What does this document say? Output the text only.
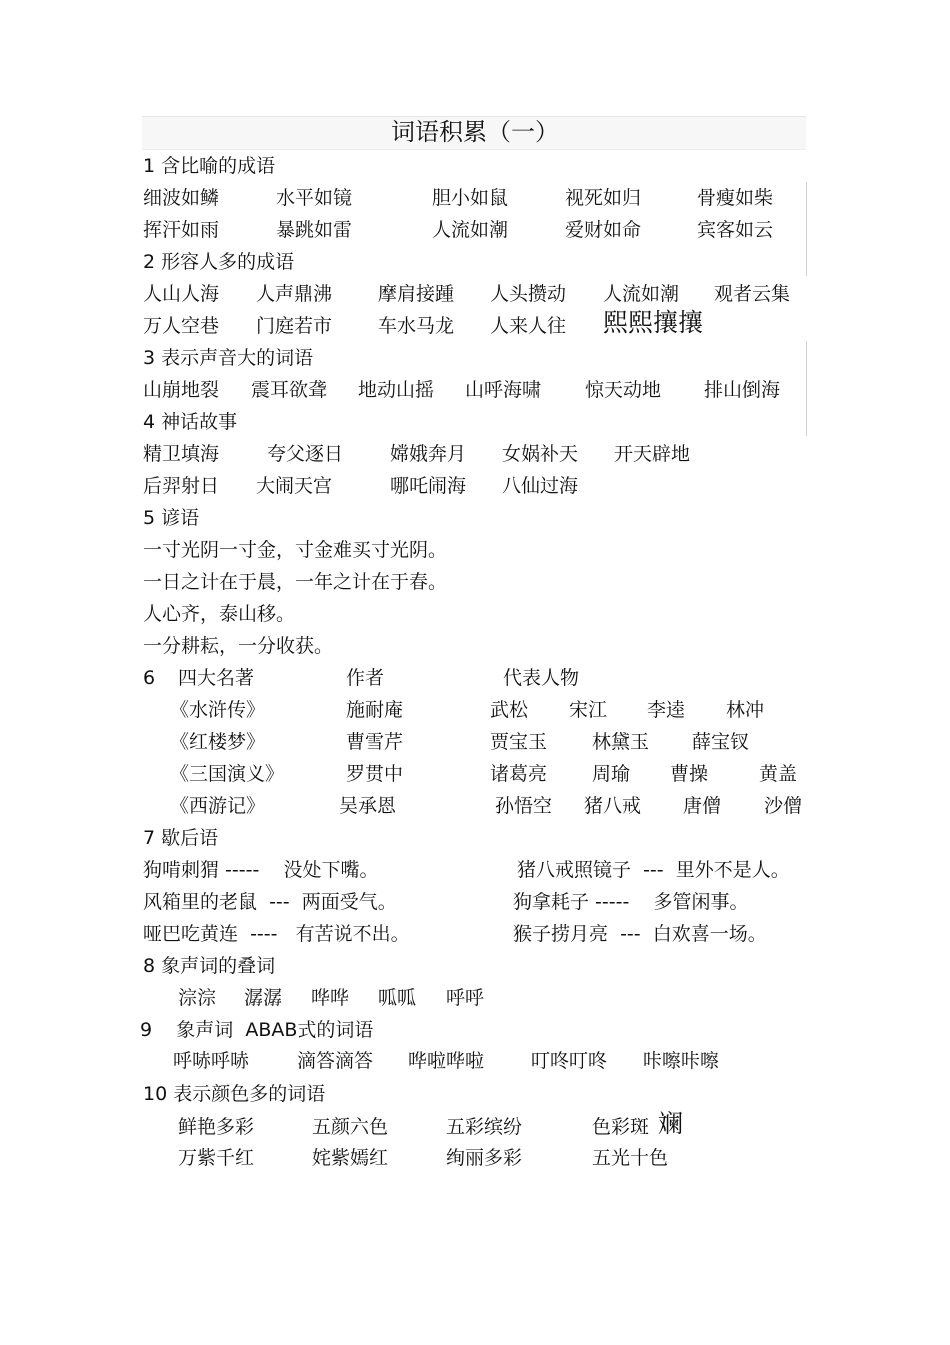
词语积累（一）
1 含比喻的成语
细波如鳞	水平如镜	胆小如鼠	视死如归	骨瘦如柴
挥汗如雨	暴跳如雷	人流如潮	爱财如命	宾客如云
2 形容人多的成语
人山人海 人声鼎沸 摩肩接踵 人头攒动 人流如潮 观者云集
万人空巷 门庭若市 车水马龙 人来人往 熙熙攘攘
3 表示声音大的词语
山崩地裂 震耳欲聋 地动山摇 山呼海啸 惊天动地 排山倒海
4 神话故事
精卫填海	夸父逐日 嫦娥奔月 女娲补天 开天辟地
后羿射日 大闹天宫	哪吒闹海 八仙过海
5 谚语
一寸光阴一寸金，寸金难买寸光阴。
一日之计在于晨，一年之计在于春。
人心齐，泰山移。
一分耕耘，一分收获。
6 四大名著	作者	代表人物
《水浒传》	施耐庵	武松 宋江 李逵 林冲
《红楼梦》	曹雪芹	贾宝玉 林黛玉 薛宝钗
《三国演义》	罗贯中	诸葛亮 周瑜 曹操	黄盖
《西游记》	吴承恩	孙悟空 猪八戒 唐僧 沙僧
7 歇后语
狗啃刺猬 -----    没处下嘴。	猪八戒照镜子  ---  里外不是人。
风箱里的老鼠  ---  两面受气。	狗拿耗子 -----    多管闲事。
哑巴吃黄连  ----   有苦说不出。	猴子捞月亮  ---  白欢喜一场。
8 象声词的叠词
淙淙 潺潺 哗哗 呱呱 呼呼
9    象声词  ABAB式的词语
呼哧呼哧	滴答滴答 哗啦哗啦 叮咚叮咚 咔嚓咔嚓
10 表示颜色多的词语
鲜艳多彩	五颜六色	五彩缤纷	色彩斑 斓
万紫千红	姹紫嫣红	绚丽多彩	五光十色
